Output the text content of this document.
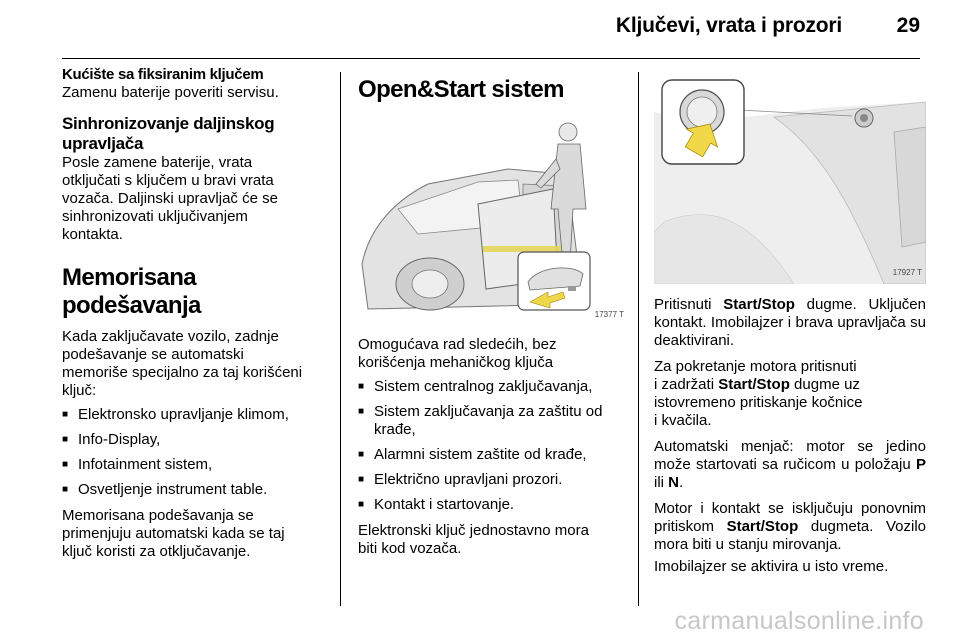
Ključevi, vrata i prozori	29
Kućište sa fiksiranim ključem
Zamenu baterije poveriti servisu.
Sinhronizovanje daljinskog
upravljača
Posle zamene baterije, vrata
otključati s ključem u bravi vrata
vozača. Daljinski upravljač će se
sinhronizovati uključivanjem
kontakta.
Memorisana podešavanja
Kada zaključavate vozilo, zadnje
podešavanje se automatski
memoriše specijalno za taj korišćeni
ključ:
■ Elektronsko upravljanje klimom,
■ Info-Display,
■ Infotainment sistem,
■ Osvetljenje instrument table.
Memorisana podešavanja se
primenjuju automatski kada se taj
ključ koristi za otključavanje.
Open&Start sistem
17377 T
Omogućava rad sledećih, bez
korišćenja mehaničkog ključa
■ Sistem centralnog zaključavanja,
■ Sistem zaključavanja za zaštitu od krađe,
■ Alarmni sistem zaštite od krađe,
■ Električno upravljani prozori.
■ Kontakt i startovanje.
Elektronski ključ jednostavno mora
biti kod vozača.
17927 T

Pritisnuti Start/Stop dugme. Uključen kontakt. Imobilajzer i brava upravljača su deaktivirani.

Za pokretanje motora pritisnuti
i zadržati Start/Stop dugme uz
istovremeno pritiskanje kočnice
i kvačila.

Automatski menjač: motor se jedino može startovati sa ručicom u položaju P ili N.

Motor i kontakt se isključuju ponovnim pritiskom Start/Stop dugmeta. Vozilo mora biti u stanju mirovanja.

Imobilajzer se aktivira u isto vreme.

carmanualsonline.info
